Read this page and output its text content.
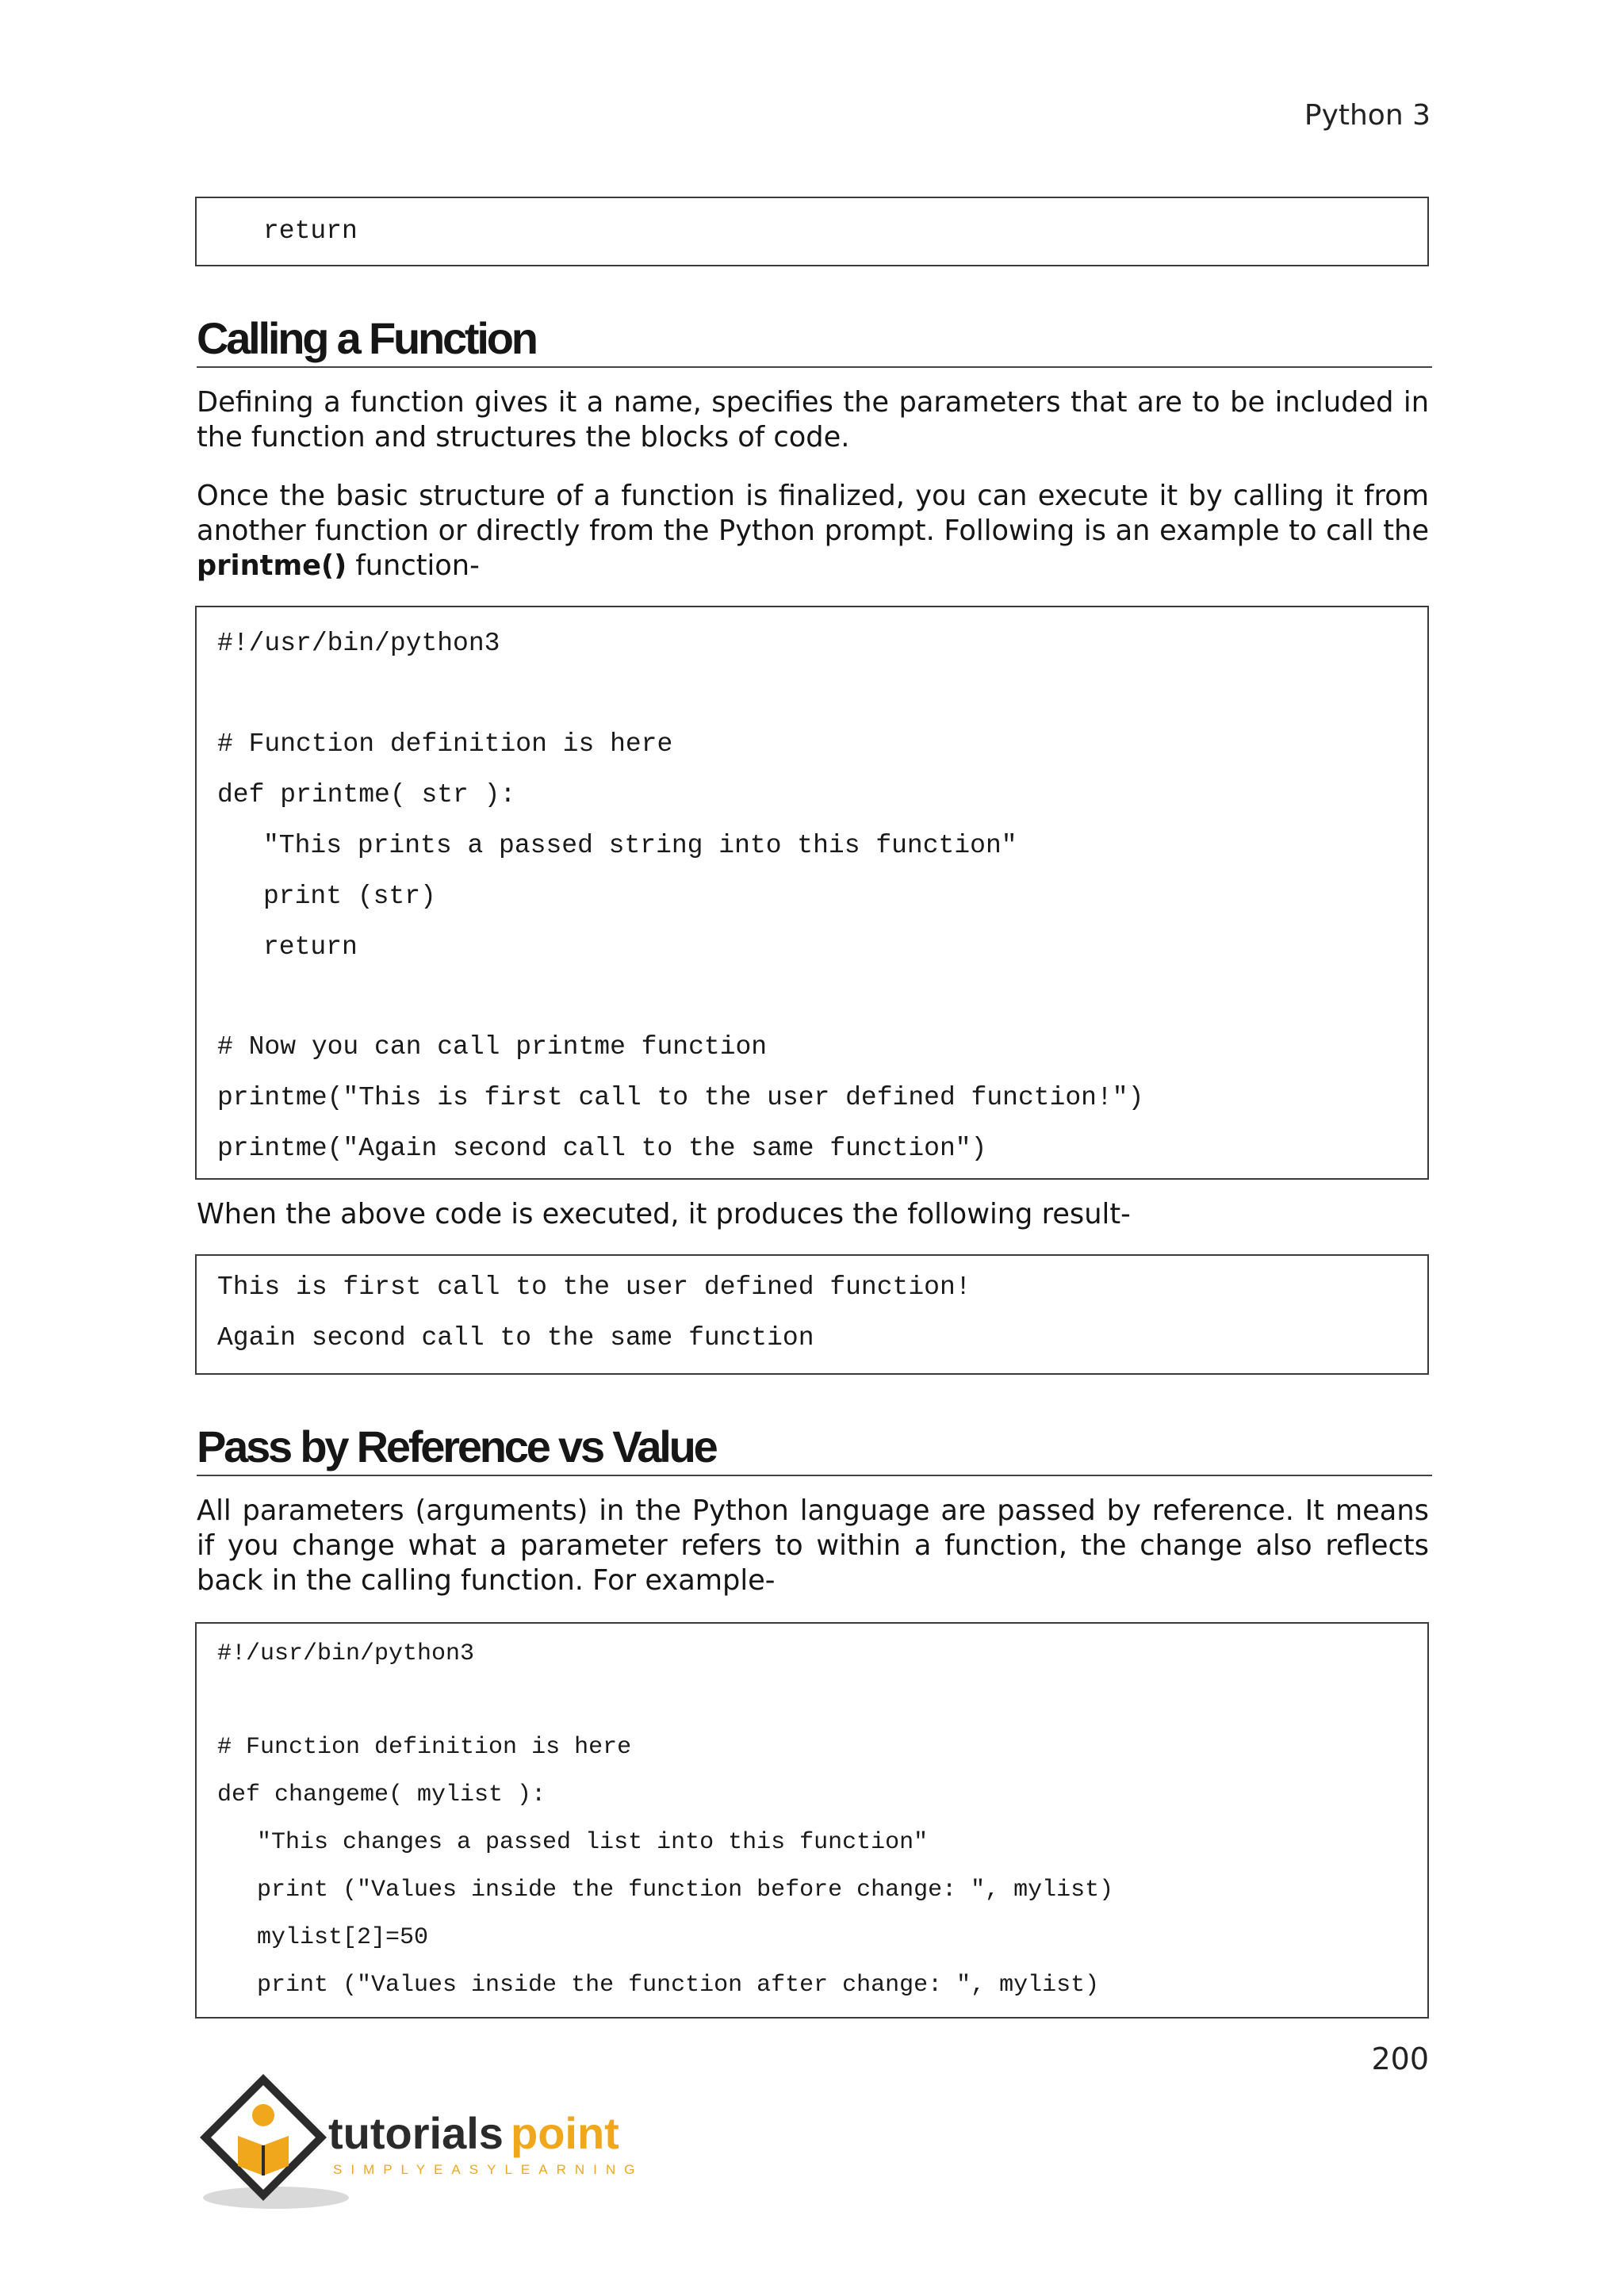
Python 3
return
Calling a Function

Defining a function gives it a name, specifies the parameters that are to be included in the function and structures the blocks of code.

Once the basic structure of a function is finalized, you can execute it by calling it from another function or directly from the Python prompt. Following is an example to call the printme() function-

#!/usr/bin/python3
# Function definition is here
def printme( str ):
"This prints a passed string into this function"
print (str)
return
# Now you can call printme function
printme("This is first call to the user defined function!")
printme("Again second call to the same function")

When the above code is executed, it produces the following result-

This is first call to the user defined function!
Again second call to the same function
Pass by Reference vs Value

All parameters (arguments) in the Python language are passed by reference. It means if you change what a parameter refers to within a function, the change also reflects back in the calling function. For example-

#!/usr/bin/python3
# Function definition is here
def changeme( mylist ):
"This changes a passed list into this function"
print ("Values inside the function before change: ", mylist)
mylist[2]=50
print ("Values inside the function after change: ", mylist)
200
tutorials point
SIMPLYEASYLEARNING
